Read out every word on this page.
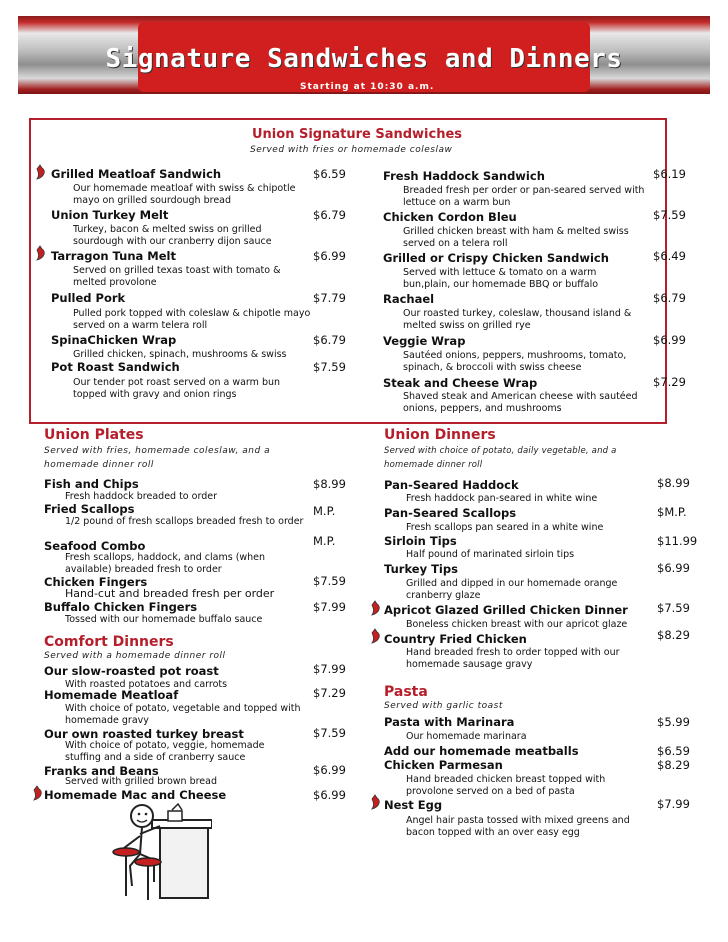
Signature Sandwiches and Dinners
Starting at 10:30 a.m.
Union Signature Sandwiches
Served with fries or homemade coleslaw
Grilled Meatloaf Sandwich	$6.59
Our homemade meatloaf with swiss & chipotle mayo on grilled sourdough bread
Union Turkey Melt	$6.79
Turkey, bacon & melted swiss on grilled sourdough with our cranberry dijon sauce
Tarragon Tuna Melt	$6.99
Served on grilled texas toast with tomato & melted provolone
Pulled Pork	$7.79
Pulled pork topped with coleslaw & chipotle mayo served on a warm telera roll
SpinaChicken Wrap	$6.79
Grilled chicken, spinach, mushrooms & swiss
Pot Roast Sandwich	$7.59
Our tender pot roast served on a warm bun topped with gravy and onion rings
Fresh Haddock Sandwich	$6.19
Breaded fresh per order or pan-seared served with lettuce on a warm bun
Chicken Cordon Bleu	$7.59
Grilled chicken breast with ham & melted swiss served on a telera roll
Grilled or Crispy Chicken Sandwich	$6.49
Served with lettuce & tomato on a warm bun,plain, our homemade BBQ or buffalo
Rachael	$6.79
Our roasted turkey, coleslaw, thousand island & melted swiss on grilled rye
Veggie Wrap	$6.99
Sautéed onions, peppers, mushrooms, tomato, spinach, & broccoli with swiss cheese
Steak and Cheese Wrap	$7.29
Shaved steak and American cheese with sautéed onions, peppers, and mushrooms
Union Plates
Served with fries, homemade coleslaw, and a homemade dinner roll
Fish and Chips	$8.99
Fresh haddock breaded to order
Fried Scallops	M.P.
1/2 pound of fresh scallops breaded fresh to order
Seafood Combo	M.P.
Fresh scallops, haddock, and clams (when available) breaded fresh to order
Chicken Fingers	$7.59
Hand-cut and breaded fresh per order
Buffalo Chicken Fingers	$7.99
Tossed with our homemade buffalo sauce
Comfort Dinners
Served with a homemade dinner roll
Our slow-roasted pot roast	$7.99
With roasted potatoes and carrots
Homemade Meatloaf	$7.29
With choice of potato, vegetable and topped with homemade gravy
Our own roasted turkey breast	$7.59
With choice of potato, veggie, homemade stuffing and a side of cranberry sauce
Franks and Beans	$6.99
Served with grilled brown bread
Homemade Mac and Cheese	$6.99
Union Dinners
Served with choice of potato, daily vegetable, and a homemade dinner roll
Pan-Seared Haddock	$8.99
Fresh haddock pan-seared in white wine
Pan-Seared Scallops	$M.P.
Fresh scallops pan seared in a white wine
Sirloin Tips	$11.99
Half pound of marinated sirloin tips
Turkey Tips	$6.99
Grilled and dipped in our homemade orange cranberry glaze
Apricot Glazed Grilled Chicken Dinner	$7.59
Boneless chicken breast with our apricot glaze
Country Fried Chicken	$8.29
Hand breaded fresh to order topped with our homemade sausage gravy
Pasta
Served with garlic toast
Pasta with Marinara	$5.99
Our homemade marinara
Add our homemade meatballs	$6.59
Chicken Parmesan	$8.29
Hand breaded chicken breast topped with provolone served on a bed of pasta
Nest Egg	$7.99
Angel hair pasta tossed with mixed greens and bacon topped with an over easy egg
